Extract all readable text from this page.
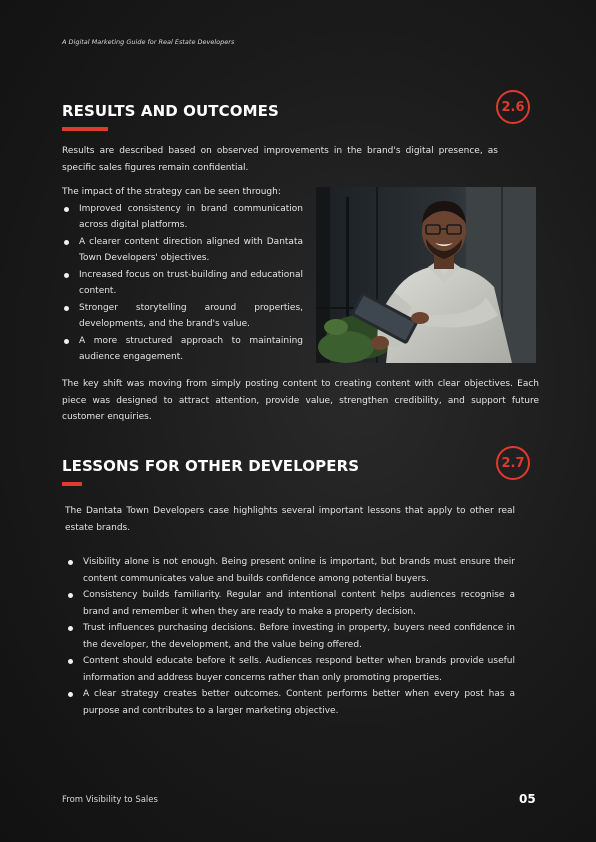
A Digital Marketing Guide for Real Estate Developers
RESULTS AND OUTCOMES	2.6
Results are described based on observed improvements in the brand's digital presence, as specific sales figures remain confidential.
The impact of the strategy can be seen through:
Improved consistency in brand communication across digital platforms.
A clearer content direction aligned with Dantata Town Developers' objectives.
Increased focus on trust-building and educational content.
Stronger storytelling around properties, developments, and the brand's value.
A more structured approach to maintaining audience engagement.
The key shift was moving from simply posting content to creating content with clear objectives. Each piece was designed to attract attention, provide value, strengthen credibility, and support future customer enquiries.
LESSONS FOR OTHER DEVELOPERS	2.7
The Dantata Town Developers case highlights several important lessons that apply to other real estate brands.
Visibility alone is not enough. Being present online is important, but brands must ensure their content communicates value and builds confidence among potential buyers.
Consistency builds familiarity. Regular and intentional content helps audiences recognise a brand and remember it when they are ready to make a property decision.
Trust influences purchasing decisions. Before investing in property, buyers need confidence in the developer, the development, and the value being offered.
Content should educate before it sells. Audiences respond better when brands provide useful information and address buyer concerns rather than only promoting properties.
A clear strategy creates better outcomes. Content performs better when every post has a purpose and contributes to a larger marketing objective.
From Visibility to Sales	05
